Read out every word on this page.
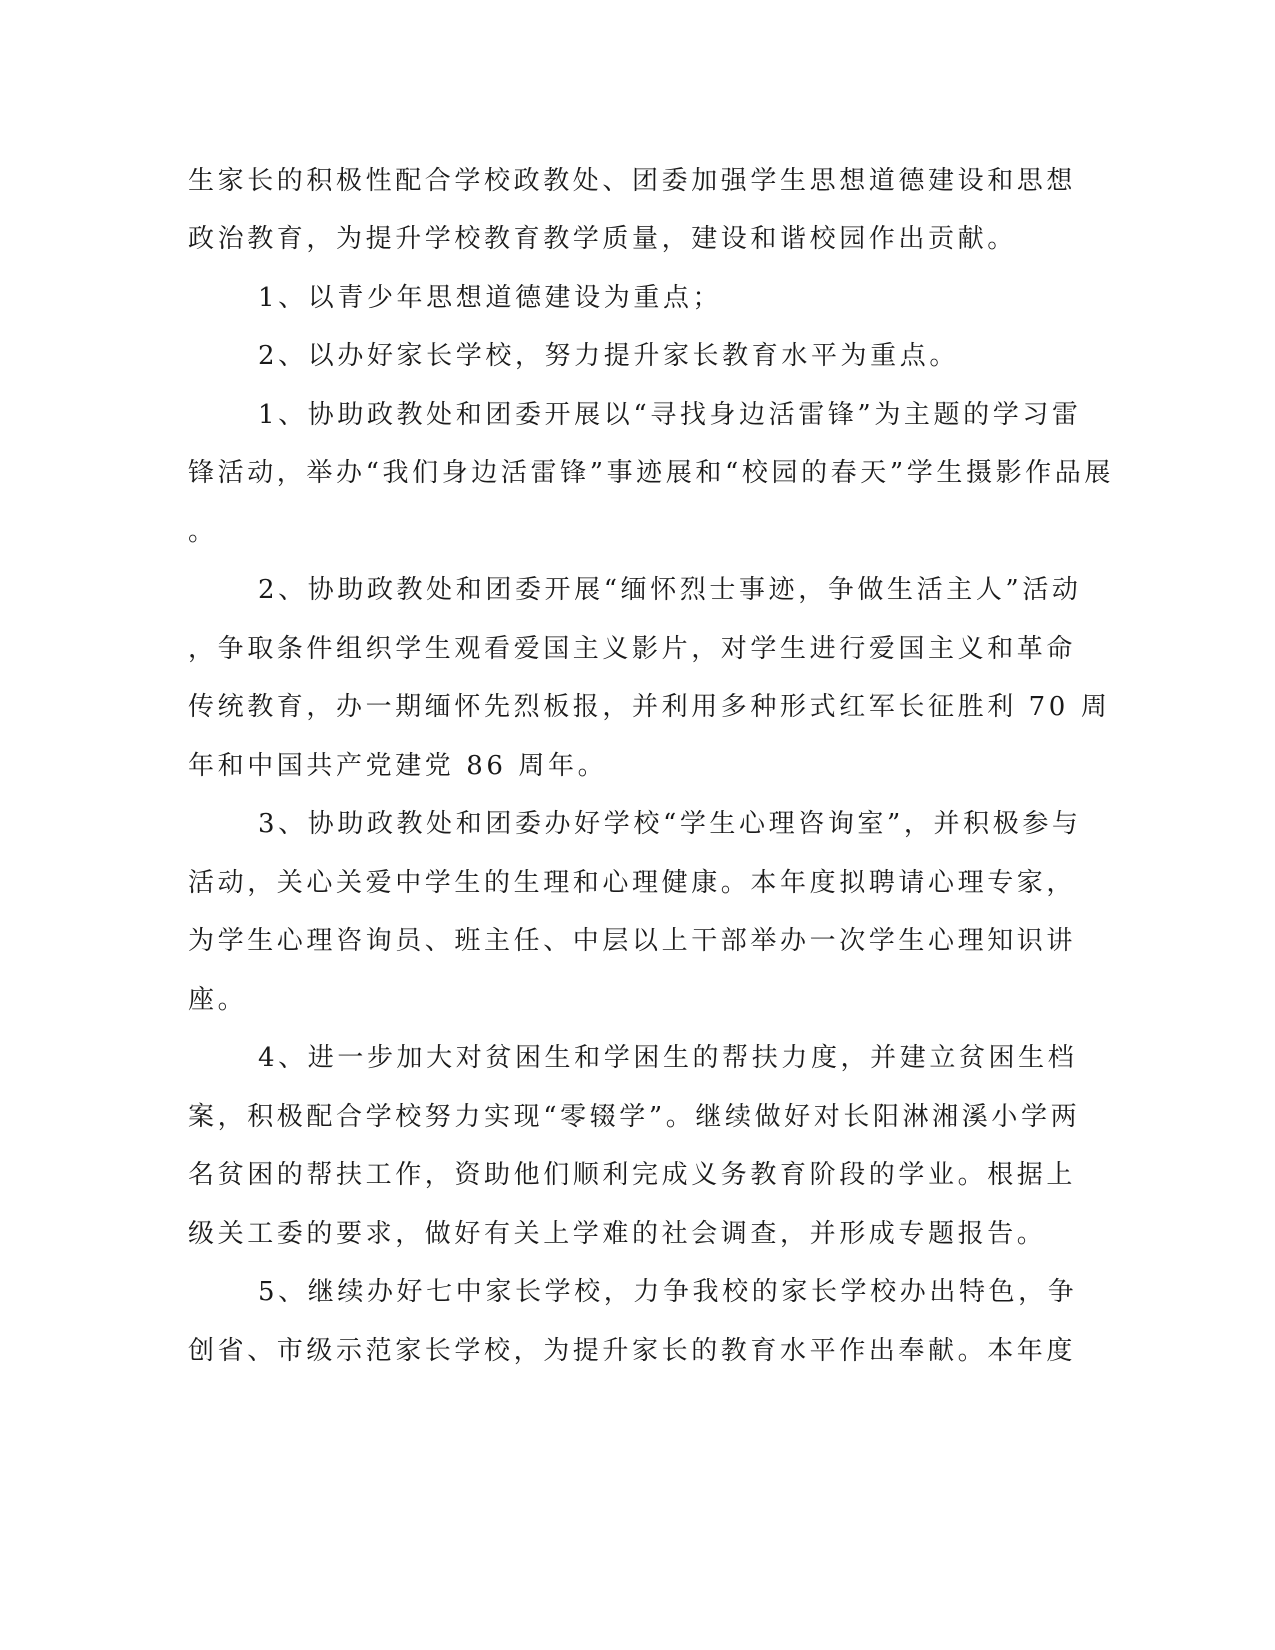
生家长的积极性配合学校政教处、团委加强学生思想道德建设和思想
政治教育，为提升学校教育教学质量，建设和谐校园作出贡献。
1、以青少年思想道德建设为重点；
2、以办好家长学校，努力提升家长教育水平为重点。
1、协助政教处和团委开展以“寻找身边活雷锋”为主题的学习雷
锋活动，举办“我们身边活雷锋”事迹展和“校园的春天”学生摄影作品展
。
2、协助政教处和团委开展“缅怀烈士事迹，争做生活主人”活动
，争取条件组织学生观看爱国主义影片，对学生进行爱国主义和革命
传统教育，办一期缅怀先烈板报，并利用多种形式红军长征胜利 70 周
年和中国共产党建党 86 周年。
3、协助政教处和团委办好学校“学生心理咨询室”，并积极参与
活动，关心关爱中学生的生理和心理健康。本年度拟聘请心理专家，
为学生心理咨询员、班主任、中层以上干部举办一次学生心理知识讲
座。
4、进一步加大对贫困生和学困生的帮扶力度，并建立贫困生档
案，积极配合学校努力实现“零辍学”。继续做好对长阳淋湘溪小学两
名贫困的帮扶工作，资助他们顺利完成义务教育阶段的学业。根据上
级关工委的要求，做好有关上学难的社会调查，并形成专题报告。
5、继续办好七中家长学校，力争我校的家长学校办出特色，争
创省、市级示范家长学校，为提升家长的教育水平作出奉献。本年度
